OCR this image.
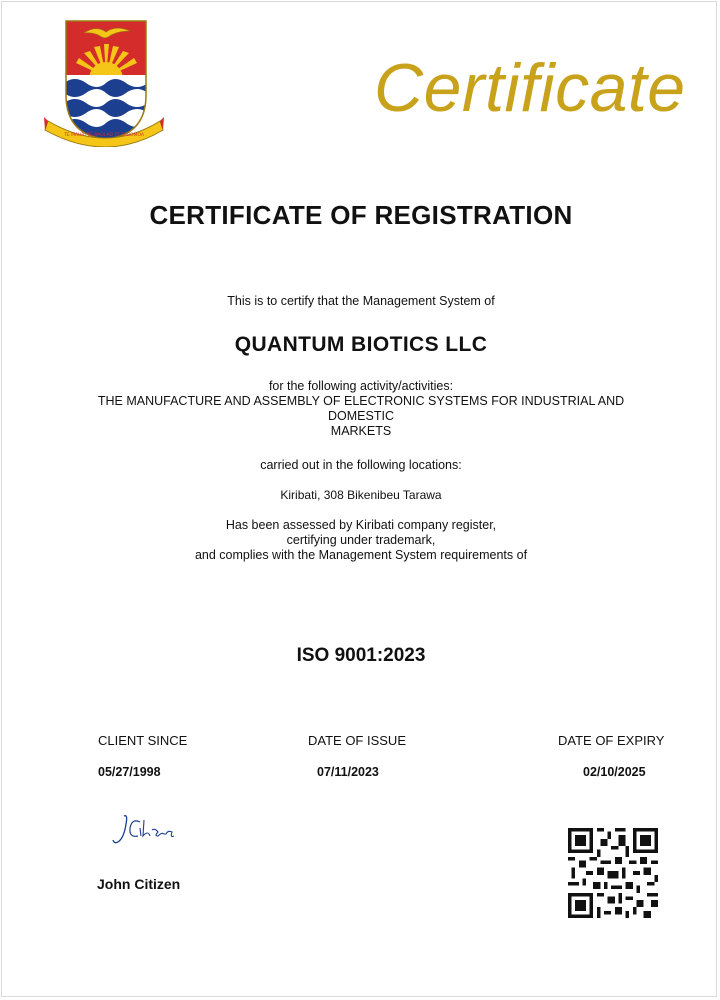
TE MAURI TE RAOI AO TE TABOMOA
Certificate
CERTIFICATE OF REGISTRATION
This is to certify that the Management System of
QUANTUM BIOTICS LLC
for the following activity/activities:
THE MANUFACTURE AND ASSEMBLY OF ELECTRONIC SYSTEMS FOR INDUSTRIAL AND
DOMESTIC
MARKETS
carried out in the following locations:
Kiribati, 308 Bikenibeu Tarawa
Has been assessed by Kiribati company register,
certifying under trademark,
and complies with the Management System requirements of
ISO 9001:2023
CLIENT SINCE
05/27/1998
DATE OF ISSUE
07/11/2023
DATE OF EXPIRY
02/10/2025
John Citizen
